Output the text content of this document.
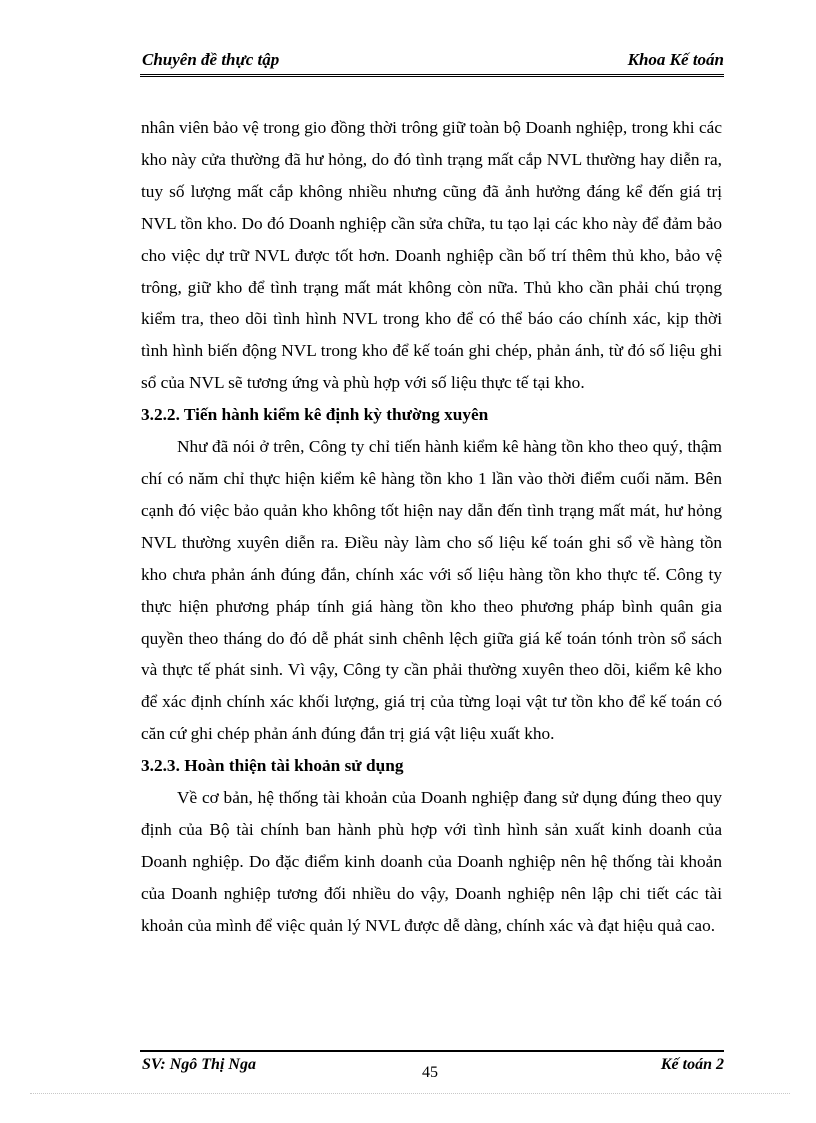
Chuyên đề thực tập	Khoa Kế toán

nhân viên bảo vệ trong gio đồng thời trông giữ toàn bộ Doanh nghiệp, trong khi các kho này cửa thường đã hư hỏng, do đó tình trạng mất cắp NVL thường hay diễn ra, tuy số lượng mất cắp không nhiều nhưng cũng đã ảnh hưởng đáng kể đến giá trị NVL tồn kho. Do đó Doanh nghiệp cần sửa chữa, tu tạo lại các kho này để đảm bảo cho việc dự trữ NVL được tốt hơn. Doanh nghiệp cần bố trí thêm thủ kho, bảo vệ trông, giữ kho để tình trạng mất mát không còn nữa. Thủ kho cần phải chú trọng kiểm tra, theo dõi tình hình NVL trong kho để có thể báo cáo chính xác, kịp thời tình hình biến động NVL trong kho để kế toán ghi chép, phản ánh, từ đó số liệu ghi sổ của NVL sẽ tương ứng và phù hợp với số liệu thực tế tại kho.

3.2.2. Tiến hành kiểm kê định kỳ thường xuyên

Như đã nói ở trên, Công ty chỉ tiến hành kiểm kê hàng tồn kho theo quý, thậm chí có năm chỉ thực hiện kiểm kê hàng tồn kho 1 lần vào thời điểm cuối năm. Bên cạnh đó việc bảo quản kho không tốt hiện nay dẫn đến tình trạng mất mát, hư hỏng NVL thường xuyên diễn ra. Điều này làm cho số liệu kế toán ghi sổ về hàng tồn kho chưa phản ánh đúng đắn, chính xác với số liệu hàng tồn kho thực tế. Công ty thực hiện phương pháp tính giá hàng tồn kho theo phương pháp bình quân gia quyền theo tháng do đó dễ phát sinh chênh lệch giữa giá kế toán tónh tròn sổ sách và thực tế phát sinh. Vì vậy, Công ty cần phải thường xuyên theo dõi, kiểm kê kho để xác định chính xác khối lượng, giá trị của từng loại vật tư tồn kho để kế toán có căn cứ ghi chép phản ánh đúng đắn trị giá vật liệu xuất kho.

3.2.3. Hoàn thiện tài khoản sử dụng

Về cơ bản, hệ thống tài khoản của Doanh nghiệp đang sử dụng đúng theo quy định của Bộ tài chính ban hành phù hợp với tình hình sản xuất kinh doanh của Doanh nghiệp. Do đặc điểm kinh doanh của Doanh nghiệp nên hệ thống tài khoản của Doanh nghiệp tương đối nhiều do vậy, Doanh nghiệp nên lập chi tiết các tài khoản của mình để việc quản lý NVL được dễ dàng, chính xác và đạt hiệu quả cao.

SV: Ngô Thị Nga	45	Kế toán 2
